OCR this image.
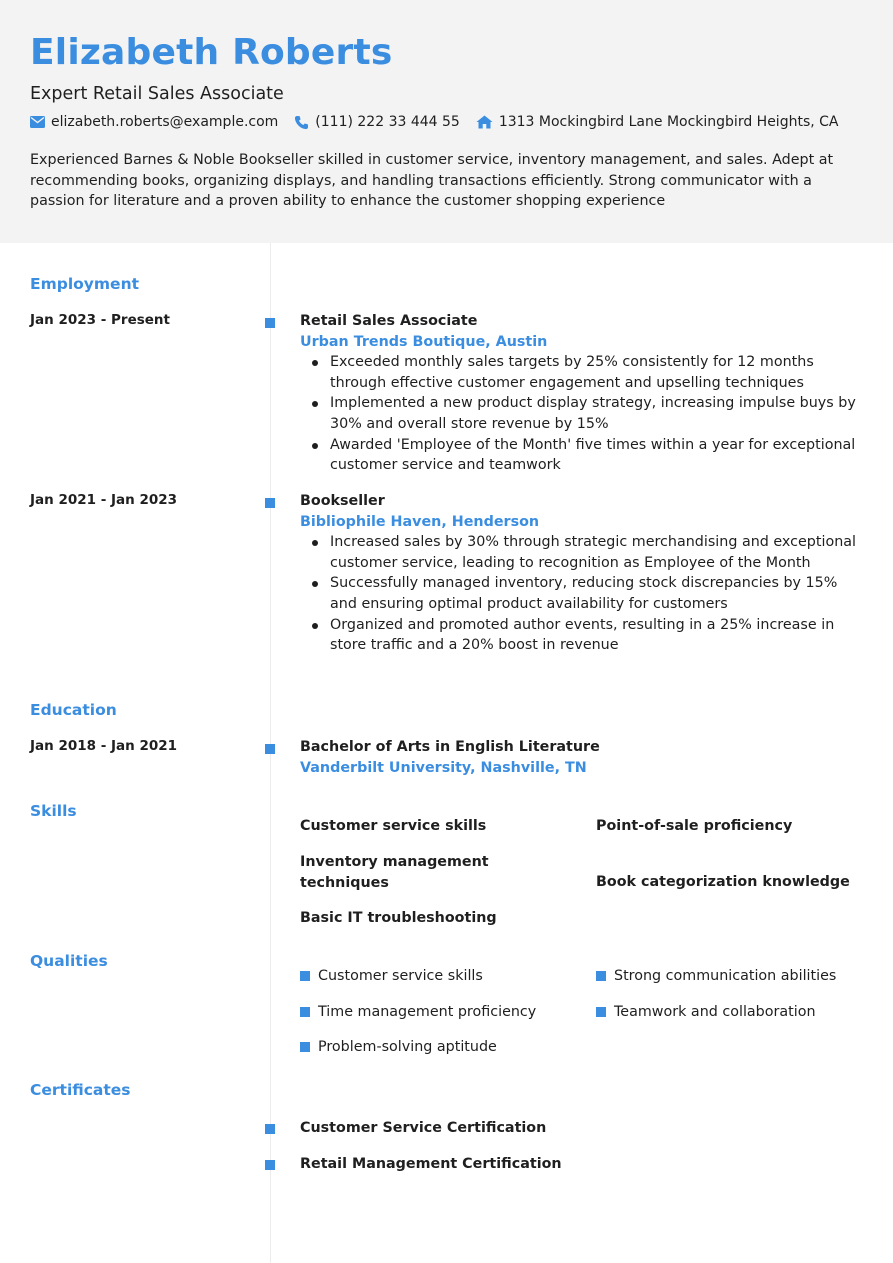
Elizabeth Roberts
Expert Retail Sales Associate
elizabeth.roberts@example.com	(111) 222 33 444 55	1313 Mockingbird Lane Mockingbird Heights, CA
Experienced Barnes & Noble Bookseller skilled in customer service, inventory management, and sales. Adept at recommending books, organizing displays, and handling transactions efficiently. Strong communicator with a passion for literature and a proven ability to enhance the customer shopping experience
Employment
Jan 2023 - Present	Retail Sales Associate
Urban Trends Boutique, Austin
Exceeded monthly sales targets by 25% consistently for 12 months through effective customer engagement and upselling techniques
Implemented a new product display strategy, increasing impulse buys by 30% and overall store revenue by 15%
Awarded 'Employee of the Month' five times within a year for exceptional customer service and teamwork
Jan 2021 - Jan 2023	Bookseller
Bibliophile Haven, Henderson
Increased sales by 30% through strategic merchandising and exceptional customer service, leading to recognition as Employee of the Month
Successfully managed inventory, reducing stock discrepancies by 15% and ensuring optimal product availability for customers
Organized and promoted author events, resulting in a 25% increase in store traffic and a 20% boost in revenue
Education
Jan 2018 - Jan 2021	Bachelor of Arts in English Literature
Vanderbilt University, Nashville, TN
Skills
Customer service skills	Point-of-sale proficiency
Inventory management techniques	Book categorization knowledge
Basic IT troubleshooting
Qualities
Customer service skills	Strong communication abilities
Time management proficiency	Teamwork and collaboration
Problem-solving aptitude
Certificates
Customer Service Certification
Retail Management Certification
